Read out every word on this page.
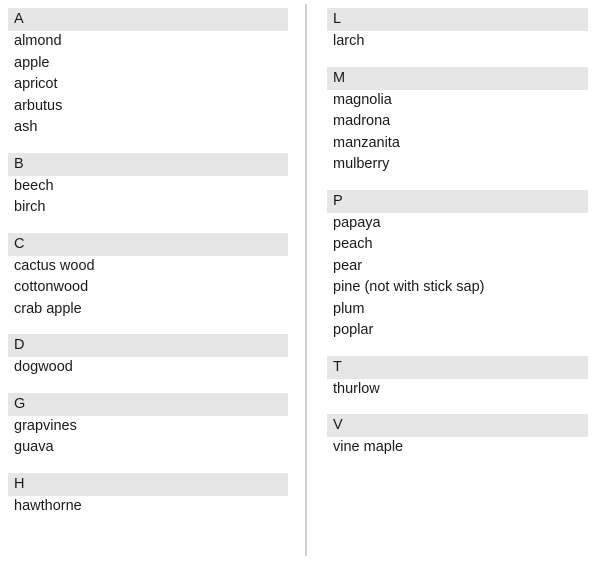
A
almond
apple
apricot
arbutus
ash
B
beech
birch
C
cactus wood
cottonwood
crab apple
D
dogwood
G
grapvines
guava
H
hawthorne
L
larch
M
magnolia
madrona
manzanita
mulberry
P
papaya
peach
pear
pine (not with stick sap)
plum
poplar
T
thurlow
V
vine maple
